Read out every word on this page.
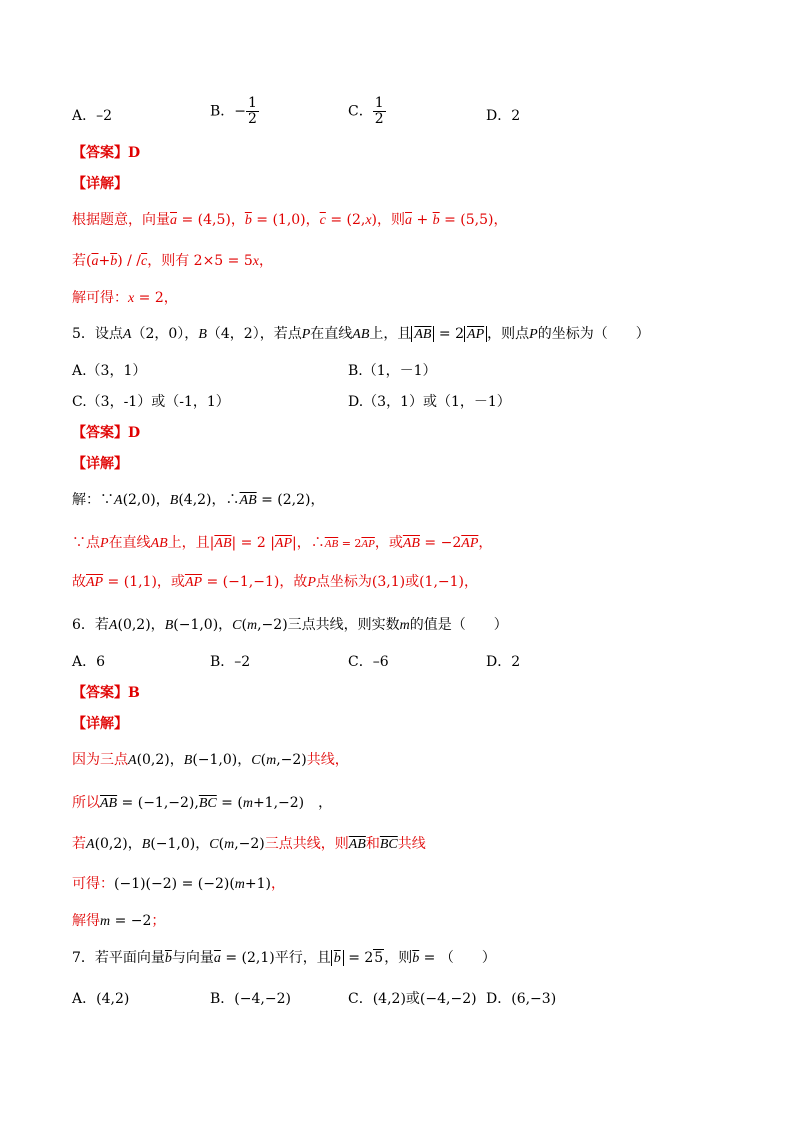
A．–2	B．− $\frac{1}{2}$	C． $\frac{1}{2}$	D．2
【答案】D
【详解】
根据题意，向量$\overline{a} = (4,5)$，$\overline{b} = (1,0)$，$\overline{c} = (2,x)$，则$\overline{a} + \overline{b} = (5,5)$，
若$(\overline{a}+\overline{b}) / /\overline{c}$，则有 2×5 = 5x，
解可得：x = 2，
5．设点A（2，0），B（4，2），若点P在直线AB上，且 $\overline{AB} = 2$ $\overline{AP}$ ，则点P的坐标为（　　）
A.（3，1）	B.（1，－1）
C.（3，-1）或（-1，1）	D.（3，1）或（1，－1）
【答案】D
【详解】
解：∵A(2,0)，B(4,2)，$\therefore\overline{AB} = (2,2)$，
∵点P在直线AB上，且$|\overline{AB}| = 2$ $|\overline{AP}|$，$\therefore\overline{AB} = 2\overline{AP}$，或$\overline{AB} = -2\overline{AP}$，
故$\overline{AP} = (1,1)$，或$\overline{AP} = (-1,-1)$，故P点坐标为(3,1)或(1,−1)，
6．若A(0,2)，B(−1,0)，C(m,−2)三点共线，则实数m的值是（　　）
A．6	B．–2	C．–6	D．2
【答案】B
【详解】
因为三点A(0,2)，B(−1,0)，C(m,−2)共线，
所以$\overline{AB} = (-1,-2),\overline{BC} = (m+1,-2)$　，
若A(0,2)，B(−1,0)，C(m,−2)三点共线，则$\overline{AB}$和$\overline{BC}$共线
可得：(−1)(−2) = (−2)(m+1)，
解得m = −2；
7．若平面向量$\overline{b}$与向量$\overline{a} = (2,1)$平行，且 $\overline{b} = 25$，则$\overline{b}$ = （　　）
A．(4,2)	B．(−4,−2)	C．(4,2)或(−4,−2) D．(6,−3)
